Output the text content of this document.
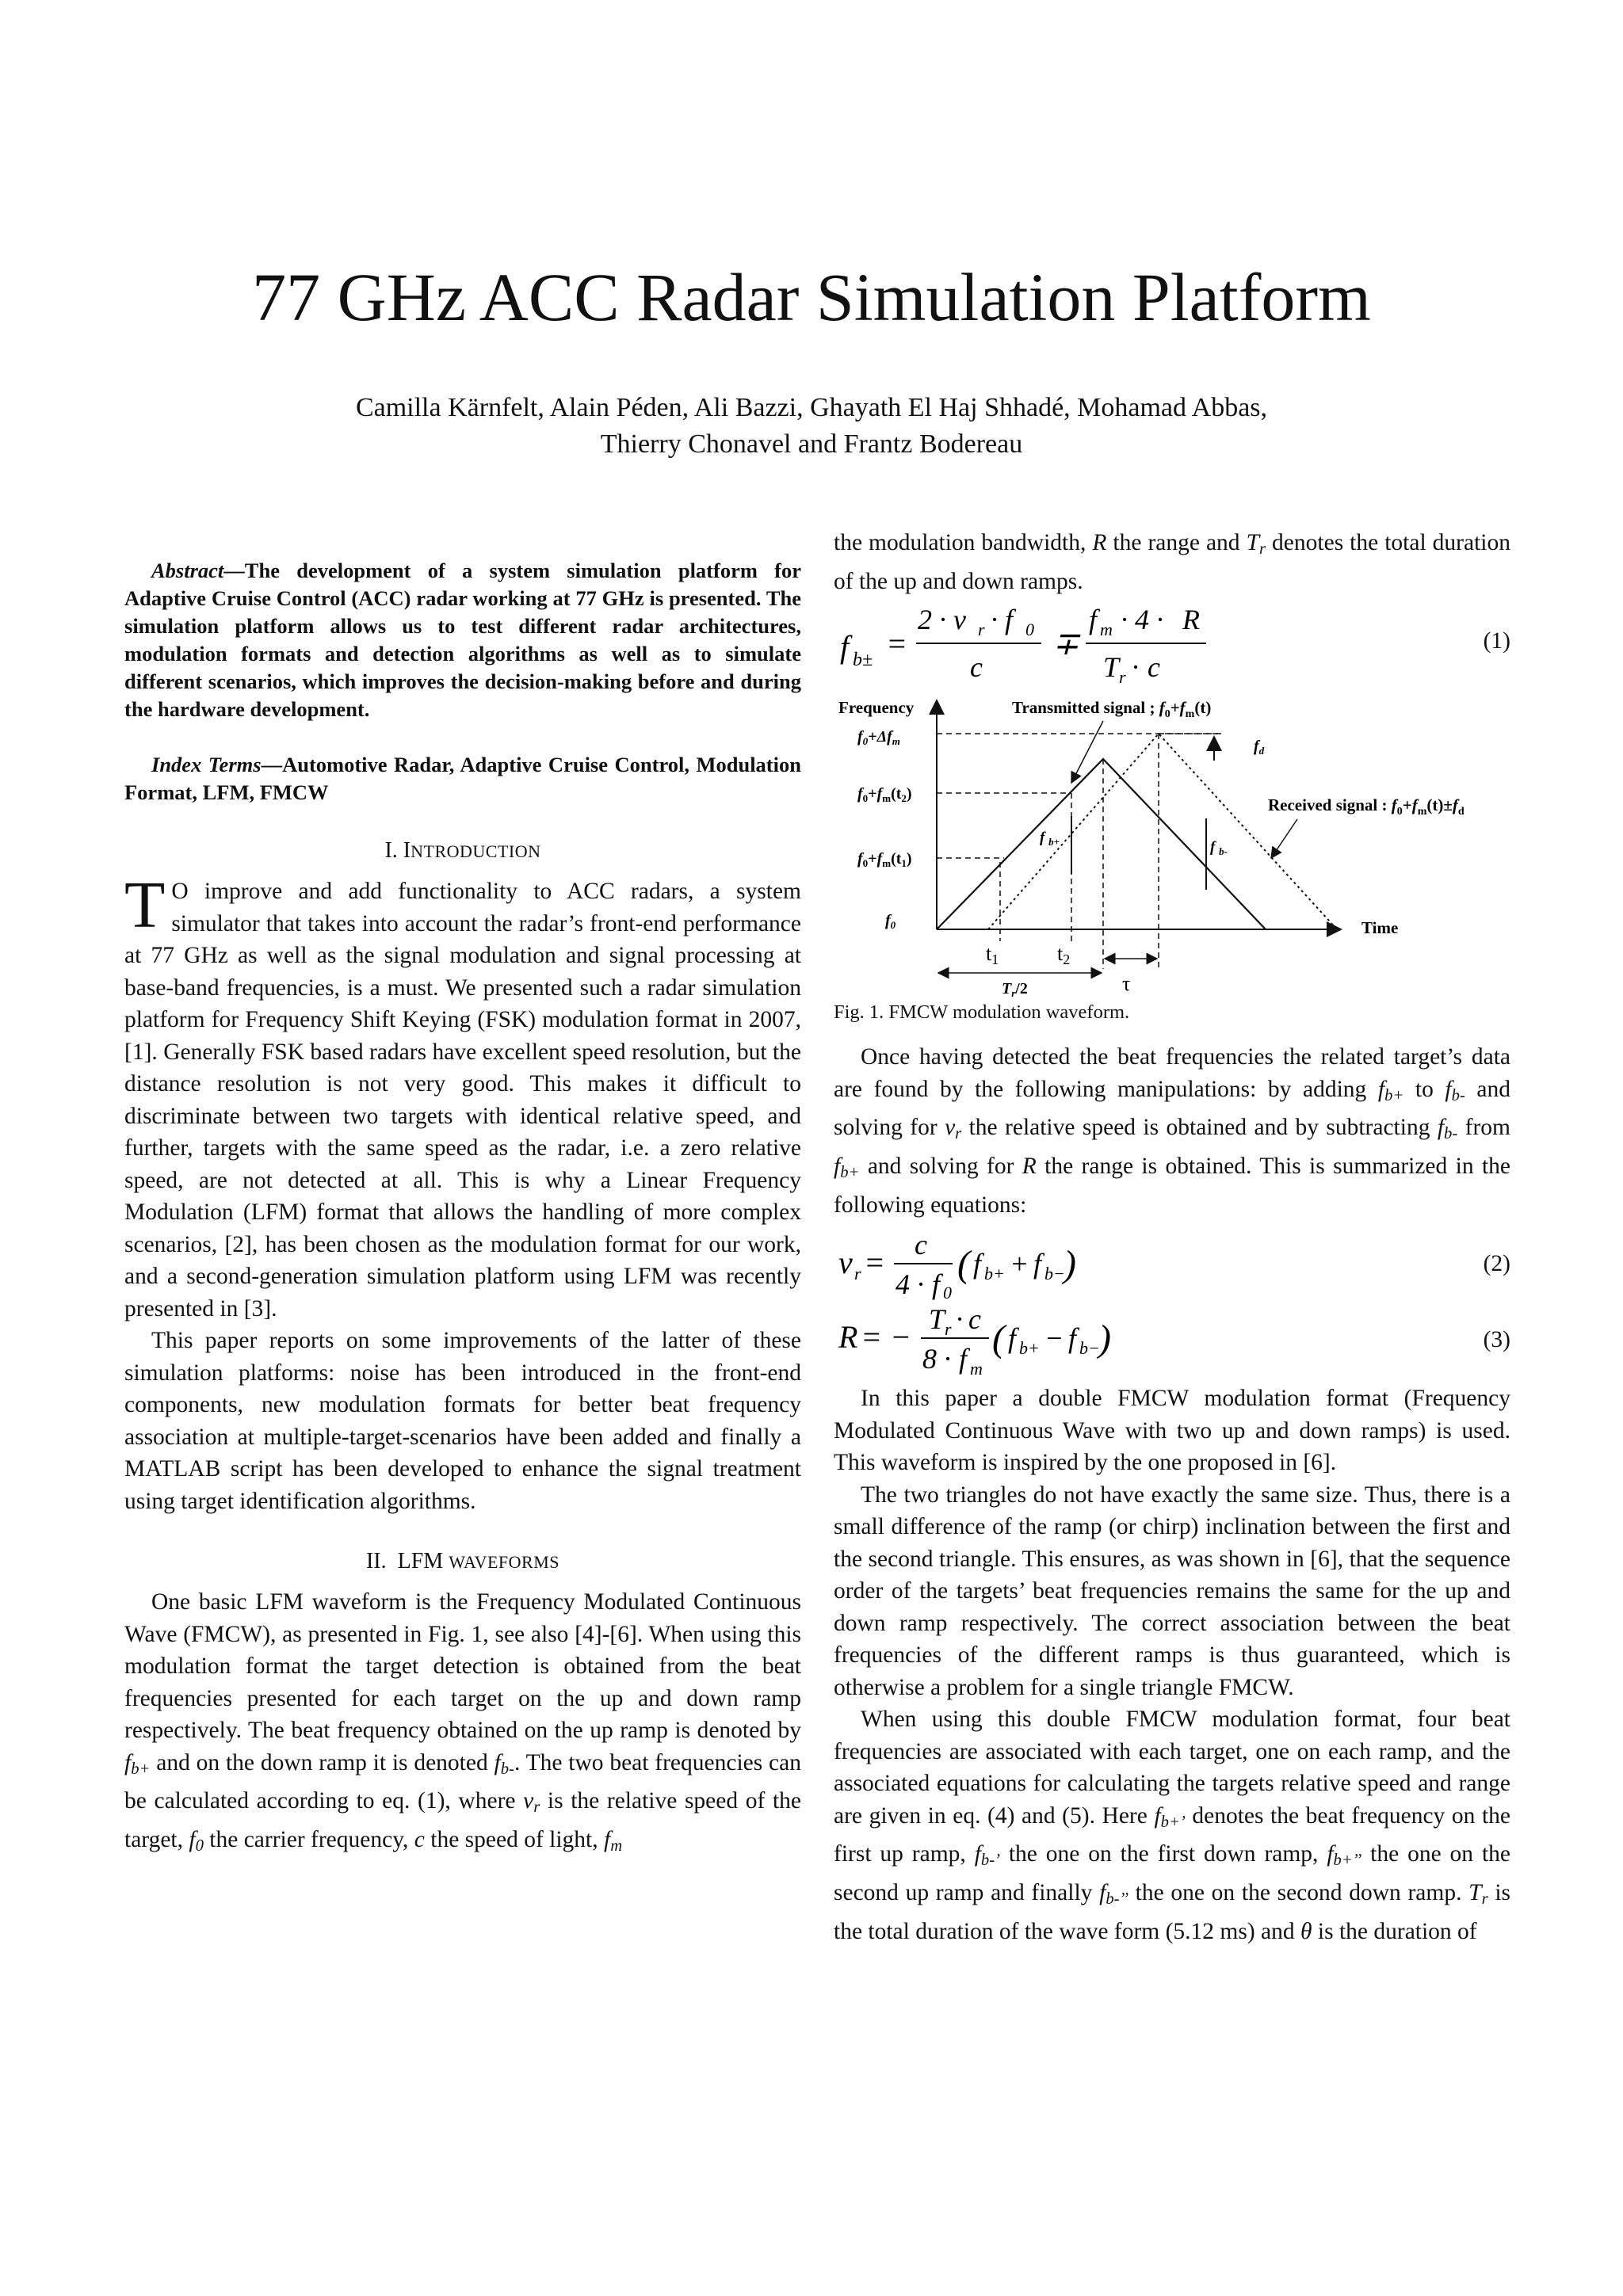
77 GHz ACC Radar Simulation Platform
Camilla Kärnfelt, Alain Péden, Ali Bazzi, Ghayath El Haj Shhadé, Mohamad Abbas,
Thierry Chonavel and Frantz Bodereau

Abstract—The development of a system simulation platform for Adaptive Cruise Control (ACC) radar working at 77 GHz is presented. The simulation platform allows us to test different radar architectures, modulation formats and detection algorithms as well as to simulate different scenarios, which improves the decision-making before and during the hardware development.

Index Terms—Automotive Radar, Adaptive Cruise Control, Modulation Format, LFM, FMCW

I. INTRODUCTION

T O improve and add functionality to ACC radars, a system simulator that takes into account the radar’s front-end performance at 77 GHz as well as the signal modulation and signal processing at base-band frequencies, is a must. We presented such a radar simulation platform for Frequency Shift Keying (FSK) modulation format in 2007, [1]. Generally FSK based radars have excellent speed resolution, but the distance resolution is not very good. This makes it difficult to discriminate between two targets with identical relative speed, and further, targets with the same speed as the radar, i.e. a zero relative speed, are not detected at all. This is why a Linear Frequency Modulation (LFM) format that allows the handling of more complex scenarios, [2], has been chosen as the modulation format for our work, and a second-generation simulation platform using LFM was recently presented in [3].

This paper reports on some improvements of the latter of these simulation platforms: noise has been introduced in the front-end components, new modulation formats for better beat frequency association at multiple-target-scenarios have been added and finally a MATLAB script has been developed to enhance the signal treatment using target identification algorithms.

II. LFM WAVEFORMS

One basic LFM waveform is the Frequency Modulated Continuous Wave (FMCW), as presented in Fig. 1, see also [4]-[6]. When using this modulation format the target detection is obtained from the beat frequencies presented for each target on the up and down ramp respectively. The beat frequency obtained on the up ramp is denoted by $f_{b+}$ and on the down ramp it is denoted $f_{b-}$. The two beat frequencies can be calculated according to eq. (1), where $v_r$ is the relative speed of the target, $f_0$ the carrier frequency, c the speed of light, $f_m$

the modulation bandwidth, R the range and $T_r$ denotes the total duration of the up and down ramps.

f b± =
2 · v r · f 0
c
∓
f m · 4 · R
T r · c
(1)
Frequency
Time
Transmitted signal ; $f_0+f_m(t)$
Received signal : $f_0+f_m(t)\pm f_d$
$f_0+\Delta f_m$
$f_0+f_m(t_2)$
$f_0+f_m(t_1)$
$f_0$
$f_d$
f $_{b+}$	f $_{b-}$
t1	t2
$T_r/2$	τ
Fig. 1. FMCW modulation waveform.

Once having detected the beat frequencies the related target’s data are found by the following manipulations: by adding $f_{b+}$ to $f_{b-}$ and solving for $v_r$ the relative speed is obtained and by subtracting $f_{b-}$ from $f_{b+}$ and solving for R the range is obtained. This is summarized in the following equations:

v r = c
4 · f 0
( f b+ + f b−
)	(2)
R = − T r · c
8 · f m
( f b+ − f b−
)	(3)

In this paper a double FMCW modulation format (Frequency Modulated Continuous Wave with two up and down ramps) is used. This waveform is inspired by the one proposed in [6].

The two triangles do not have exactly the same size. Thus, there is a small difference of the ramp (or chirp) inclination between the first and the second triangle. This ensures, as was shown in [6], that the sequence order of the targets’ beat frequencies remains the same for the up and down ramp respectively. The correct association between the beat frequencies of the different ramps is thus guaranteed, which is otherwise a problem for a single triangle FMCW.

When using this double FMCW modulation format, four beat frequencies are associated with each target, one on each ramp, and the associated equations for calculating the targets relative speed and range are given in eq. (4) and (5). Here $f_{b+’}$ denotes the beat frequency on the first up ramp, $f_{b-’}$ the one on the first down ramp, $f_{b+’’}$ the one on the second up ramp and finally $f_{b-’’}$ the one on the second down ramp. $T_r$ is the total duration of the wave form (5.12 ms) and θ is the duration of
